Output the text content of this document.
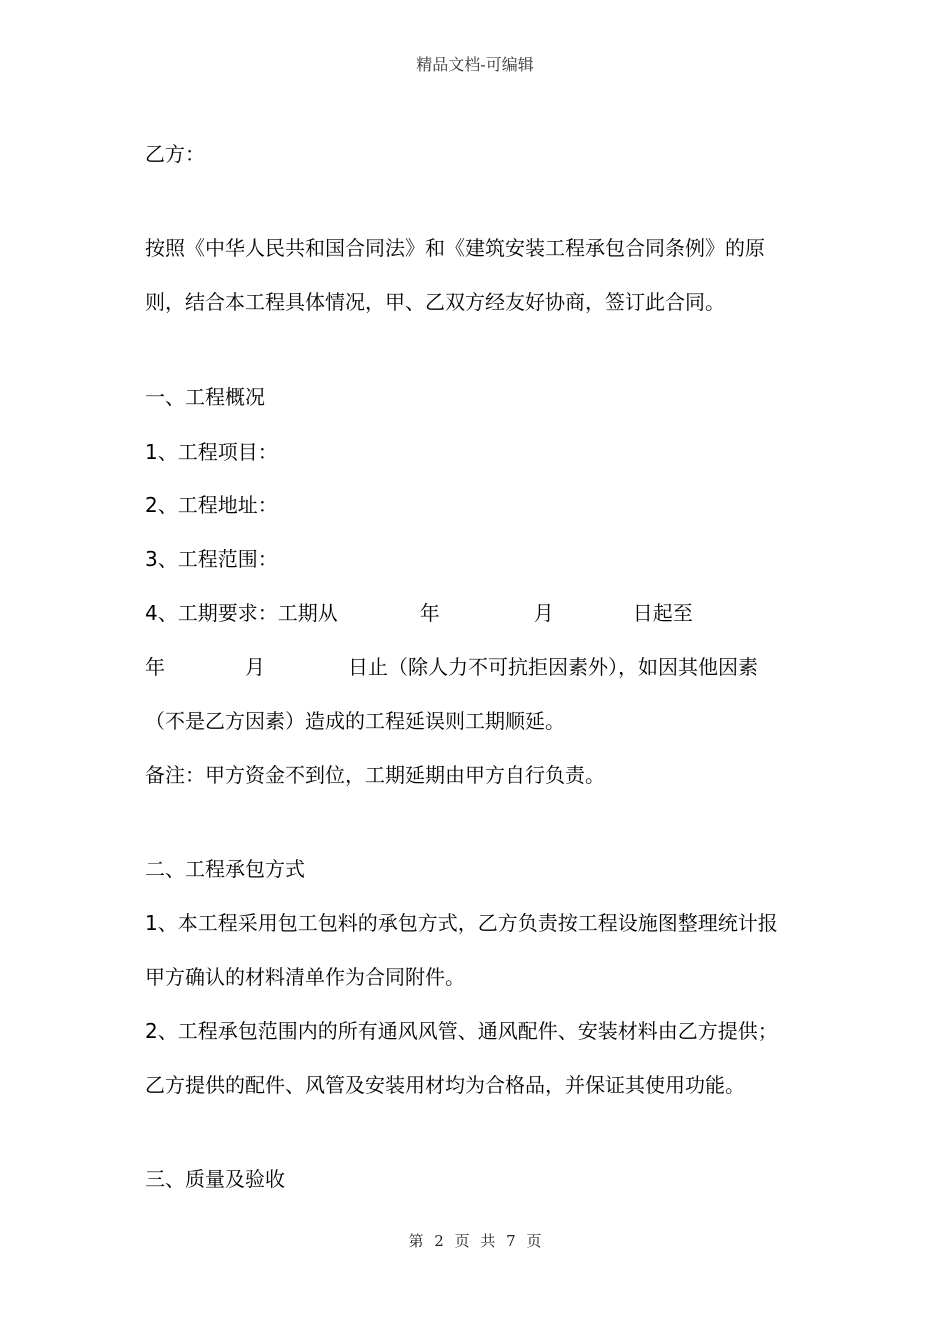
精品文档-可编辑
乙方：
按照《中华人民共和国合同法》和《建筑安装工程承包合同条例》的原
则，结合本工程具体情况，甲、乙双方经友好协商，签订此合同。
一、工程概况
1、工程项目：
2、工程地址：
3、工程范围：
4、工期要求：工期从	年	月	日起至
年	月	日止（除人力不可抗拒因素外），如因其他因素
（不是乙方因素）造成的工程延误则工期顺延。
备注：甲方资金不到位，工期延期由甲方自行负责。
二、工程承包方式
1、本工程采用包工包料的承包方式，乙方负责按工程设施图整理统计报
甲方确认的材料清单作为合同附件。
2、工程承包范围内的所有通风风管、通风配件、安装材料由乙方提供；
乙方提供的配件、风管及安装用材均为合格品，并保证其使用功能。
三、质量及验收
第 2 页 共 7 页
